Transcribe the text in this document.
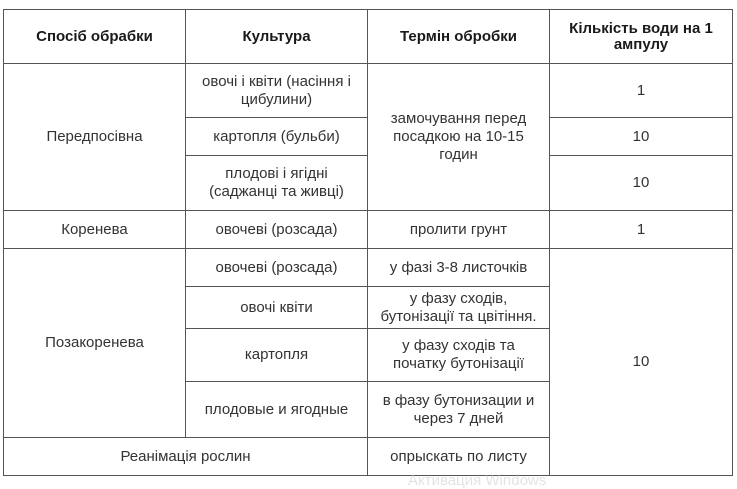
Спосіб обрабки	Культура	Термін обробки	Кількість води на 1 ампулу
Передпосівна	овочі і квіти (насіння і цибулини)	замочування перед посадкою на 10-15 годин	1
	картопля (бульби)		10
	плодові і ягідні (саджанці та живці)		10
Коренева	овочеві (розсада)	пролити грунт	1
Позакоренева	овочеві (розсада)	у фазі 3-8 листочків	10
	овочі квіти	у фазу сходів, бутонізації та цвітіння.	
	картопля	у фазу сходів та початку бутонізації	
	плодовые и ягодные	в фазу бутонизации и через 7 дней	
Реанімація рослин		опрыскать по листу	
Активация Windows
